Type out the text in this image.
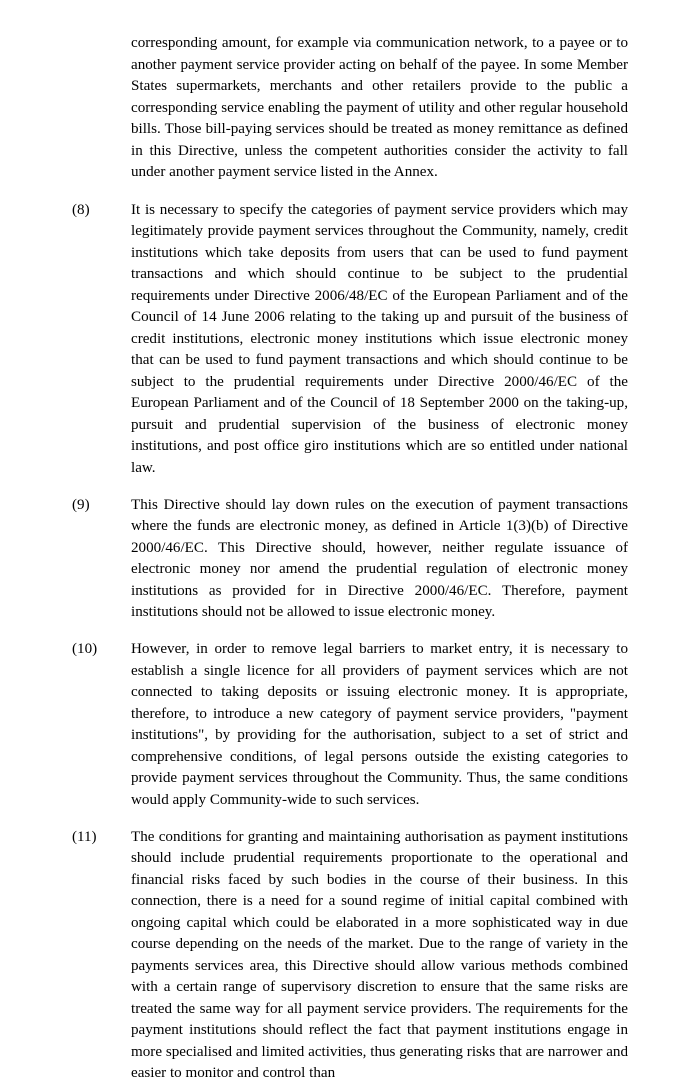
corresponding amount, for example via communication network, to a payee or to another payment service provider acting on behalf of the payee. In some Member States supermarkets, merchants and other retailers provide to the public a corresponding service enabling the payment of utility and other regular household bills. Those bill-paying services should be treated as money remittance as defined in this Directive, unless the competent authorities consider the activity to fall under another payment service listed in the Annex.
(8)	It is necessary to specify the categories of payment service providers which may legitimately provide payment services throughout the Community, namely, credit institutions which take deposits from users that can be used to fund payment transactions and which should continue to be subject to the prudential requirements under Directive 2006/48/EC of the European Parliament and of the Council of 14 June 2006 relating to the taking up and pursuit of the business of credit institutions, electronic money institutions which issue electronic money that can be used to fund payment transactions and which should continue to be subject to the prudential requirements under Directive 2000/46/EC of the European Parliament and of the Council of 18 September 2000 on the taking-up, pursuit and prudential supervision of the business of electronic money institutions, and post office giro institutions which are so entitled under national law.
(9)	This Directive should lay down rules on the execution of payment transactions where the funds are electronic money, as defined in Article 1(3)(b) of Directive 2000/46/EC. This Directive should, however, neither regulate issuance of electronic money nor amend the prudential regulation of electronic money institutions as provided for in Directive 2000/46/EC. Therefore, payment institutions should not be allowed to issue electronic money.
(10)	However, in order to remove legal barriers to market entry, it is necessary to establish a single licence for all providers of payment services which are not connected to taking deposits or issuing electronic money. It is appropriate, therefore, to introduce a new category of payment service providers, "payment institutions", by providing for the authorisation, subject to a set of strict and comprehensive conditions, of legal persons outside the existing categories to provide payment services throughout the Community. Thus, the same conditions would apply Community-wide to such services.
(11)	The conditions for granting and maintaining authorisation as payment institutions should include prudential requirements proportionate to the operational and financial risks faced by such bodies in the course of their business. In this connection, there is a need for a sound regime of initial capital combined with ongoing capital which could be elaborated in a more sophisticated way in due course depending on the needs of the market. Due to the range of variety in the payments services area, this Directive should allow various methods combined with a certain range of supervisory discretion to ensure that the same risks are treated the same way for all payment service providers. The requirements for the payment institutions should reflect the fact that payment institutions engage in more specialised and limited activities, thus generating risks that are narrower and easier to monitor and control than
